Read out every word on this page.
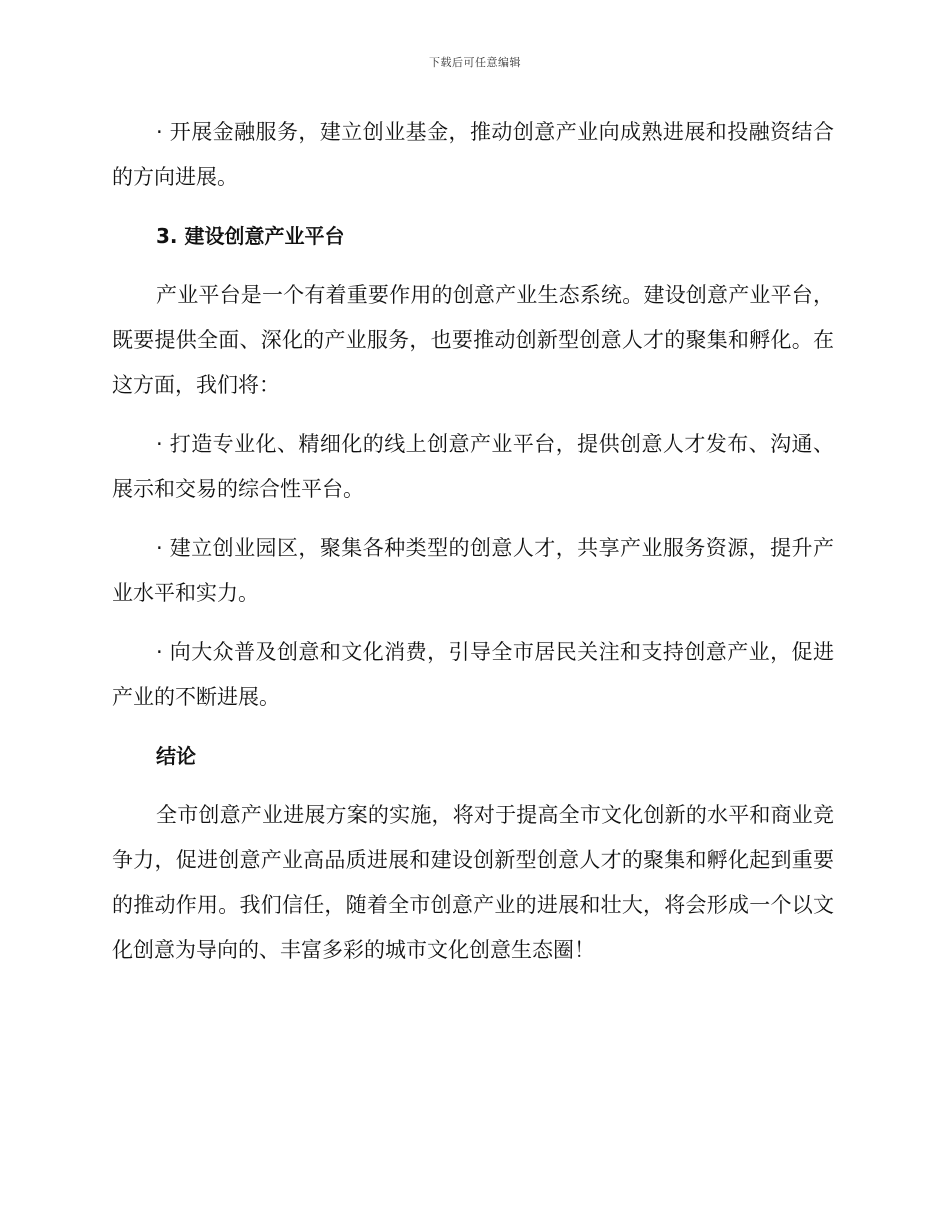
下载后可任意编辑

· 开展金融服务，建立创业基金，推动创意产业向成熟进展和投融资结合的方向进展。

3. 建设创意产业平台

产业平台是一个有着重要作用的创意产业生态系统。建设创意产业平台，既要提供全面、深化的产业服务，也要推动创新型创意人才的聚集和孵化。在这方面，我们将：

· 打造专业化、精细化的线上创意产业平台，提供创意人才发布、沟通、展示和交易的综合性平台。

· 建立创业园区，聚集各种类型的创意人才，共享产业服务资源，提升产业水平和实力。

· 向大众普及创意和文化消费，引导全市居民关注和支持创意产业，促进产业的不断进展。

结论

全市创意产业进展方案的实施，将对于提高全市文化创新的水平和商业竞争力，促进创意产业高品质进展和建设创新型创意人才的聚集和孵化起到重要的推动作用。我们信任，随着全市创意产业的进展和壮大，将会形成一个以文化创意为导向的、丰富多彩的城市文化创意生态圈！
